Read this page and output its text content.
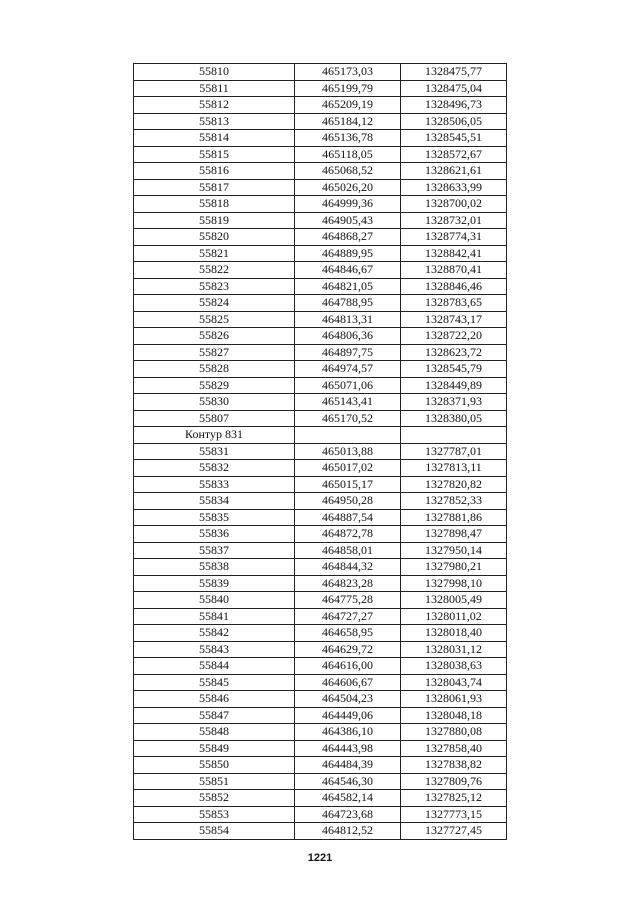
55810	465173,03	1328475,77
55811	465199,79	1328475,04
55812	465209,19	1328496,73
55813	465184,12	1328506,05
55814	465136,78	1328545,51
55815	465118,05	1328572,67
55816	465068,52	1328621,61
55817	465026,20	1328633,99
55818	464999,36	1328700,02
55819	464905,43	1328732,01
55820	464868,27	1328774,31
55821	464889,95	1328842,41
55822	464846,67	1328870,41
55823	464821,05	1328846,46
55824	464788,95	1328783,65
55825	464813,31	1328743,17
55826	464806,36	1328722,20
55827	464897,75	1328623,72
55828	464974,57	1328545,79
55829	465071,06	1328449,89
55830	465143,41	1328371,93
55807	465170,52	1328380,05
Контур 831		
55831	465013,88	1327787,01
55832	465017,02	1327813,11
55833	465015,17	1327820,82
55834	464950,28	1327852,33
55835	464887,54	1327881,86
55836	464872,78	1327898,47
55837	464858,01	1327950,14
55838	464844,32	1327980,21
55839	464823,28	1327998,10
55840	464775,28	1328005,49
55841	464727,27	1328011,02
55842	464658,95	1328018,40
55843	464629,72	1328031,12
55844	464616,00	1328038,63
55845	464606,67	1328043,74
55846	464504,23	1328061,93
55847	464449,06	1328048,18
55848	464386,10	1327880,08
55849	464443,98	1327858,40
55850	464484,39	1327838,82
55851	464546,30	1327809,76
55852	464582,14	1327825,12
55853	464723,68	1327773,15
55854	464812,52	1327727,45
1221
